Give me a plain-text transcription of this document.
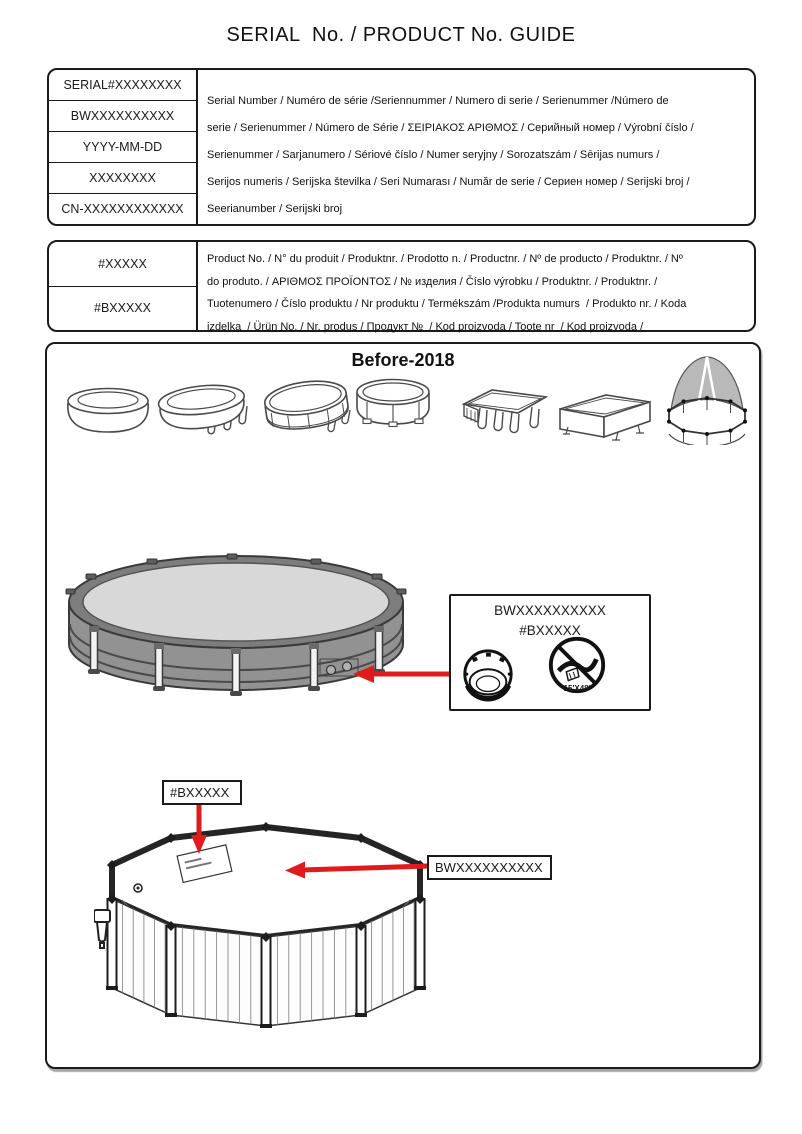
SERIAL  No. / PRODUCT No. GUIDE
SERIAL#XXXXXXXX
BWXXXXXXXXXX
YYYY-MM-DD
XXXXXXXX
CN-XXXXXXXXXXXX
Serial Number / Numéro de série /Seriennummer / Numero di serie / Serienummer /Número de
serie / Serienummer / Número de Série / ΣΕΙΡΙΑΚΟΣ ΑΡΙΘΜΟΣ / Серийный номер / Výrobní číslo /
Serienummer / Sarjanumero / Sériové číslo / Numer seryjny / Sorozatszám / Sērijas numurs /
Serijos numeris / Serijska številka / Seri Numarası / Număr de serie / Сериен номер / Serijski broj /
Seerianumber / Serijski broj
#XXXXX
#BXXXXX
Product No. / N° du produit / Produktnr. / Prodotto n. / Productnr. / Nº de producto / Produktnr. / Nº
do produto. / ΑΡΙΘΜΟΣ ΠΡΟΪΟΝΤΟΣ / № изделия / Číslo výrobku / Produktnr. / Produktnr. /
Tuotenumero / Číslo produktu / Nr produktu / Termékszám /Produkta numurs  / Produkto nr. / Koda
izdelka  / Ürün No. / Nr. produs / Продукт №  / Kod proizvoda / Toote nr  / Kod proizvoda /
Before-2018
BWXXXXXXXXXX
#BXXXXX
15'X48"
#BXXXXX
BWXXXXXXXXXX
